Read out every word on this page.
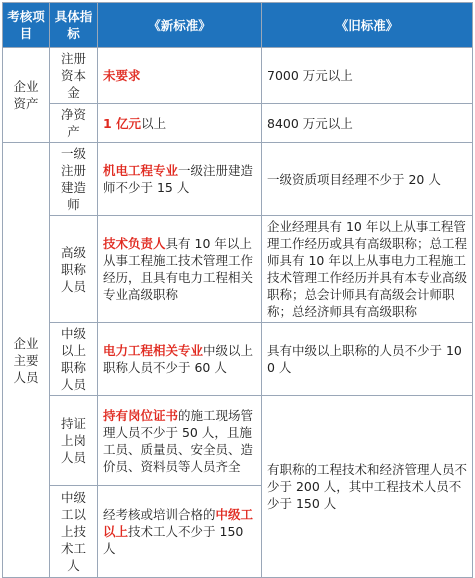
考核项目	具体指标	《新标准》	《旧标准》
企业资产	注册资本金	未要求	7000 万元以上
	净资产	1 亿元以上	8400 万元以上
企业主要人员	一级注册建造师	机电工程专业一级注册建造师不少于 15 人	一级资质项目经理不少于 20 人
	高级职称人员	技术负责人具有 10 年以上从事工程施工技术管理工作经历，且具有电力工程相关专业高级职称	企业经理具有 10 年以上从事工程管理工作经历或具有高级职称；总工程师具有 10 年以上从事电力工程施工技术管理工作经历并具有本专业高级职称；总会计师具有高级会计师职称；总经济师具有高级职称
	中级以上职称人员	电力工程相关专业中级以上职称人员不少于 60 人	具有中级以上职称的人员不少于 100 人
	持证上岗人员	持有岗位证书的施工现场管理人员不少于 50 人，且施工员、质量员、安全员、造价员、资料员等人员齐全	有职称的工程技术和经济管理人员不少于 200 人，其中工程技术人员不少于 150 人
	中级工以上技术工人	经考核或培训合格的中级工以上技术工人不少于 150 人	
